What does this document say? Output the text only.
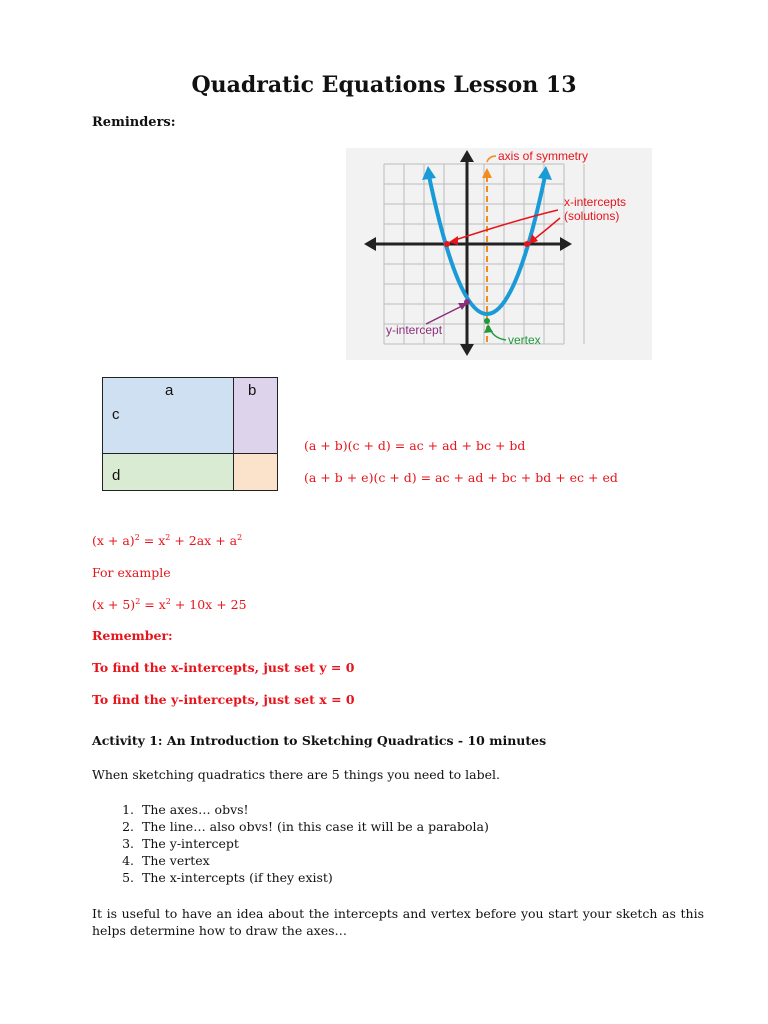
Quadratic Equations Lesson 13
Reminders:
axis of symmetry
x-intercepts
(solutions)
y-intercept
vertex
a	b
c
d
(a + b)(c + d) = ac + ad + bc + bd
(a + b + e)(c + d) = ac + ad + bc + bd + ec + ed
$(x + a)^2 = x^2 + 2ax + a^2$
For example
$(x + 5)^2 = x^2 + 10x + 25$
Remember:
To find the x-intercepts, just set y = 0
To find the y-intercepts, just set x = 0
Activity 1: An Introduction to Sketching Quadratics - 10 minutes
When sketching quadratics there are 5 things you need to label.
1. The axes… obvs!
2. The line… also obvs! (in this case it will be a parabola)
3. The y-intercept
4. The vertex
5. The x-intercepts (if they exist)

It is useful to have an idea about the intercepts and vertex before you start your sketch as this helps determine how to draw the axes…
